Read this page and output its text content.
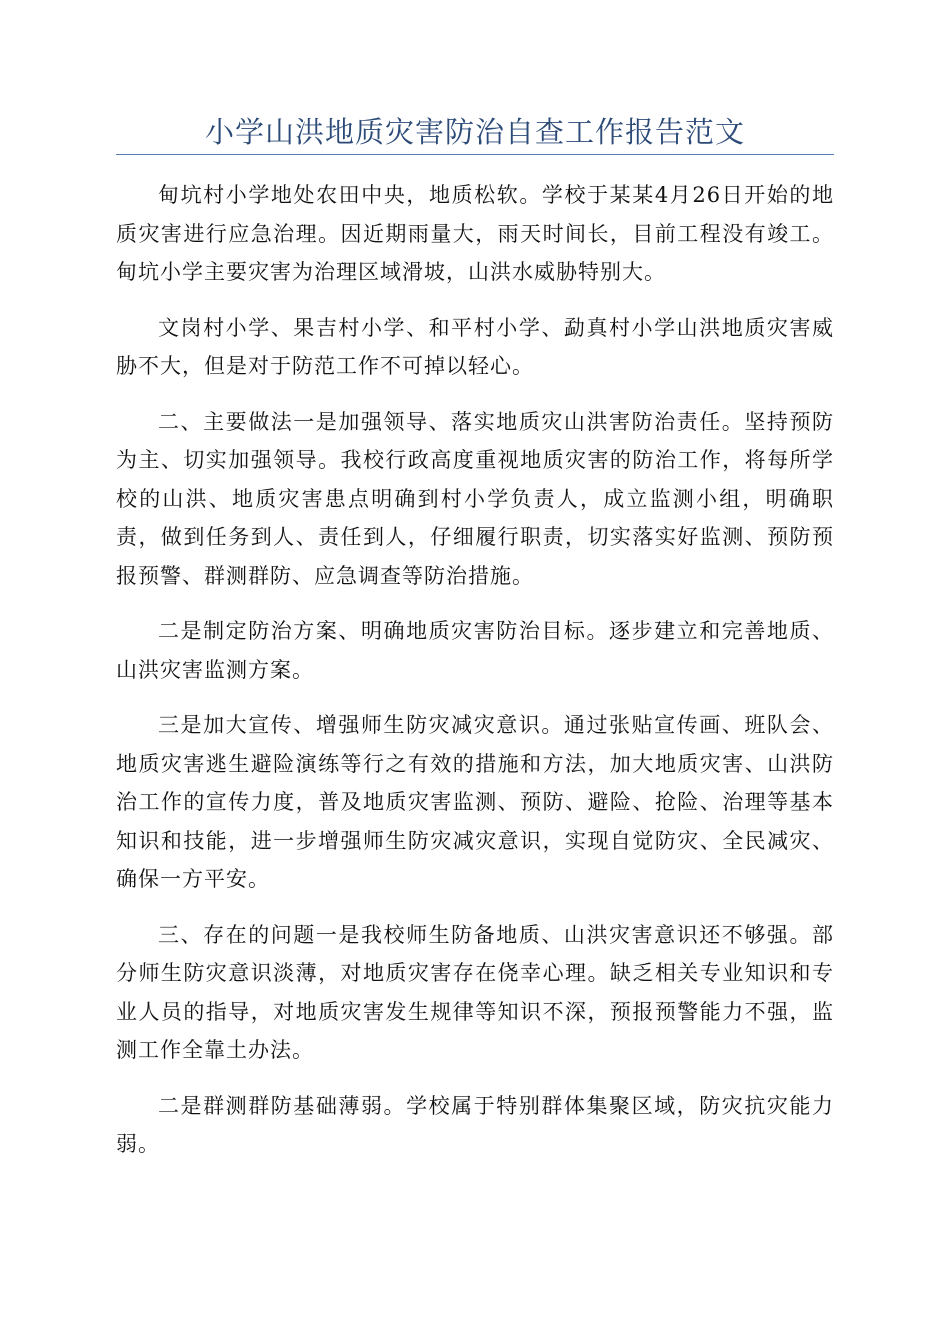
小学山洪地质灾害防治自查工作报告范文

甸坑村小学地处农田中央，地质松软。学校于某某4月26日开始的地质灾害进行应急治理。因近期雨量大，雨天时间长，目前工程没有竣工。甸坑小学主要灾害为治理区域滑坡，山洪水威胁特别大。

文岗村小学、果吉村小学、和平村小学、勐真村小学山洪地质灾害威胁不大，但是对于防范工作不可掉以轻心。

二、主要做法一是加强领导、落实地质灾山洪害防治责任。坚持预防为主、切实加强领导。我校行政高度重视地质灾害的防治工作，将每所学校的山洪、地质灾害患点明确到村小学负责人，成立监测小组，明确职责，做到任务到人、责任到人，仔细履行职责，切实落实好监测、预防预报预警、群测群防、应急调查等防治措施。

二是制定防治方案、明确地质灾害防治目标。逐步建立和完善地质、山洪灾害监测方案。

三是加大宣传、增强师生防灾减灾意识。通过张贴宣传画、班队会、地质灾害逃生避险演练等行之有效的措施和方法，加大地质灾害、山洪防治工作的宣传力度，普及地质灾害监测、预防、避险、抢险、治理等基本知识和技能，进一步增强师生防灾减灾意识，实现自觉防灾、全民减灾、确保一方平安。

三、存在的问题一是我校师生防备地质、山洪灾害意识还不够强。部分师生防灾意识淡薄，对地质灾害存在侥幸心理。缺乏相关专业知识和专业人员的指导，对地质灾害发生规律等知识不深，预报预警能力不强，监测工作全靠土办法。

二是群测群防基础薄弱。学校属于特别群体集聚区域，防灾抗灾能力弱。
